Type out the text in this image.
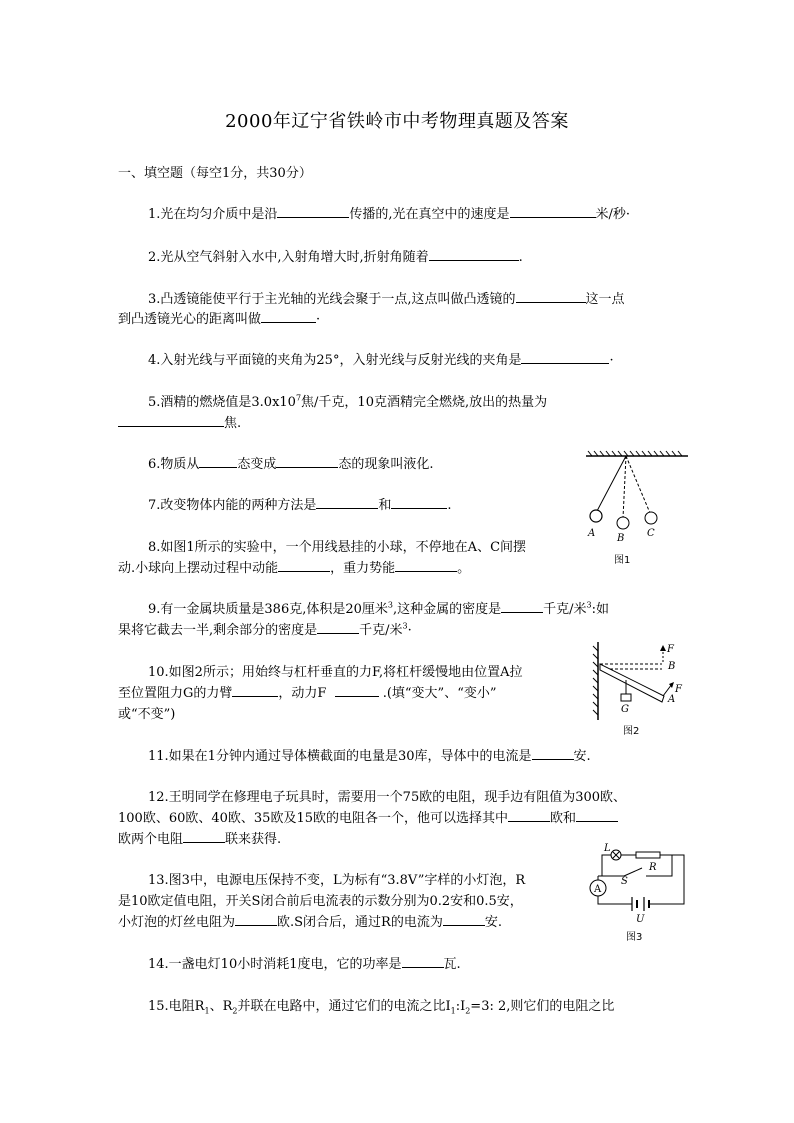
2000年辽宁省铁岭市中考物理真题及答案
一、填空题（每空1分，共30分）
1.光在均匀介质中是沿	传播的,光在真空中的速度是	米/秒·
2.光从空气斜射入水中,入射角增大时,折射角随着	.
3.凸透镜能使平行于主光轴的光线会聚于一点,这点叫做凸透镜的	这一点
到凸透镜光心的距离叫做	·
4.入射光线与平面镜的夹角为25°，入射光线与反射光线的夹角是	·
5.酒精的燃烧值是$3.0x10^7$焦/千克，10克酒精完全燃烧,放出的热量为
焦.
6.物质从	态变成	态的现象叫液化.
7.改变物体内能的两种方法是	和	.
8.如图1所示的实验中，一个用线悬挂的小球，不停地在A、C间摆
动.小球向上摆动过程中动能	，重力势能	。
9.有一金属块质量是386克,体积是20厘米$^3$,这种金属的密度是	千克/米$^3$:如
果将它截去一半,剩余部分的密度是	千克/米$^3$·
10.如图2所示；用始终与杠杆垂直的力F,将杠杆缓慢地由位置A拉
至位置阻力G的力臂	，动力F	.(填“变大”、“变小”
或“不变”)
11.如果在1分钟内通过导体横截面的电量是30库，导体中的电流是	安.
12.王明同学在修理电子玩具时，需要用一个75欧的电阻，现手边有阻值为300欧、
100欧、60欧、40欧、35欧及15欧的电阻各一个，他可以选择其中	欧和
欧两个电阻	联来获得.
13.图3中，电源电压保持不变，L为标有“3.8V”字样的小灯泡，R
是10欧定值电阻，开关S闭合前后电流表的示数分别为0.2安和0.5安，
小灯泡的灯丝电阻为	欧.S闭合后，通过R的电流为	安.
14.一盏电灯10小时消耗1度电，它的功率是	瓦.
15.电阻$R_1$、$R_2$并联在电路中，通过它们的电流之比$I_1:I_2=3$: 2,则它们的电阻之比
A B C
图1
F
B
F
A
G
图2
L
R
S
A
U
图3
